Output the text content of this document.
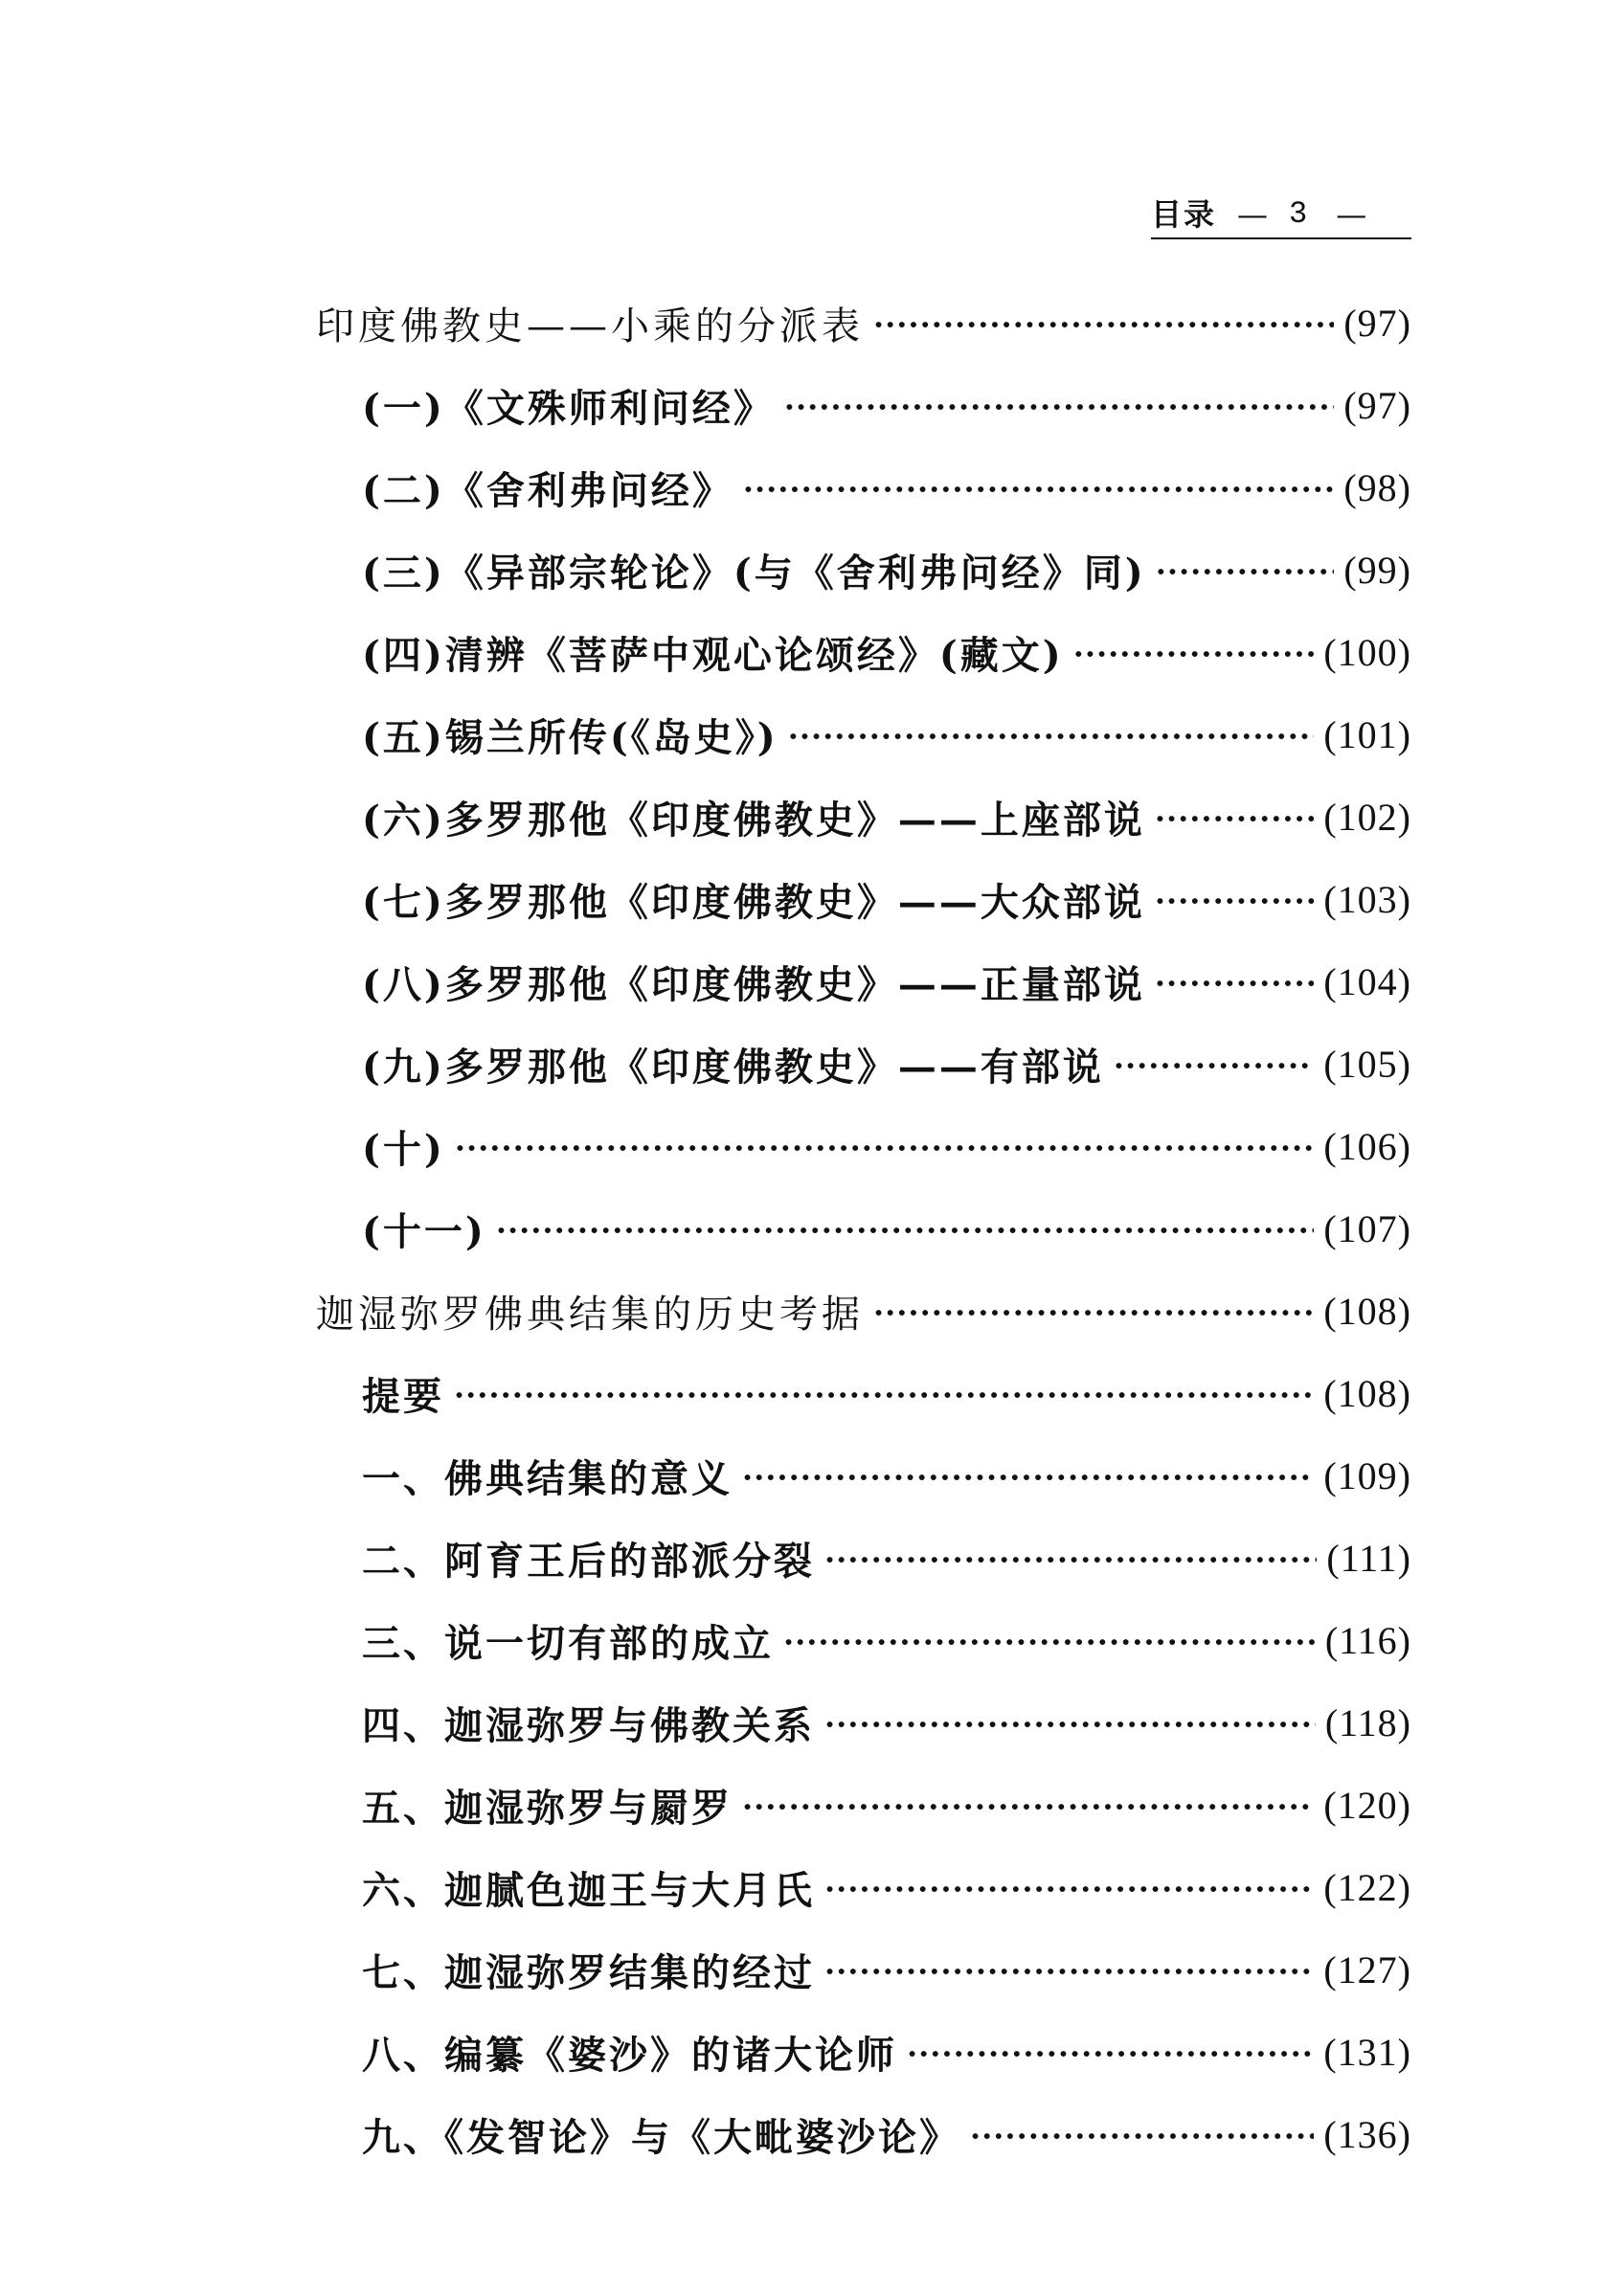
目录 — 3 —
印度佛教史——小乘的分派表 ·····	(97)
(一)《文殊师利问经》 ·····	(97)
(二)《舍利弗问经》 ·····	(98)
(三)《异部宗轮论》(与《舍利弗问经》同) ·····	(99)
(四)清辨《菩萨中观心论颂经》(藏文) ·····	(100)
(五)锡兰所传(《岛史》) ·····	(101)
(六)多罗那他《印度佛教史》——上座部说 ·····	(102)
(七)多罗那他《印度佛教史》——大众部说 ·····	(103)
(八)多罗那他《印度佛教史》——正量部说 ·····	(104)
(九)多罗那他《印度佛教史》——有部说 ·····	(105)
(十) ·····	(106)
(十一) ·····	(107)
迦湿弥罗佛典结集的历史考据 ·····	(108)
提要 ·····	(108)
一、佛典结集的意义 ·····	(109)
二、阿育王后的部派分裂 ·····	(111)
三、说一切有部的成立 ·····	(116)
四、迦湿弥罗与佛教关系 ·····	(118)
五、迦湿弥罗与罽罗 ·····	(120)
六、迦腻色迦王与大月氏 ·····	(122)
七、迦湿弥罗结集的经过 ·····	(127)
八、编纂《婆沙》的诸大论师 ·····	(131)
九、《发智论》与《大毗婆沙论》 ·····	(136)
